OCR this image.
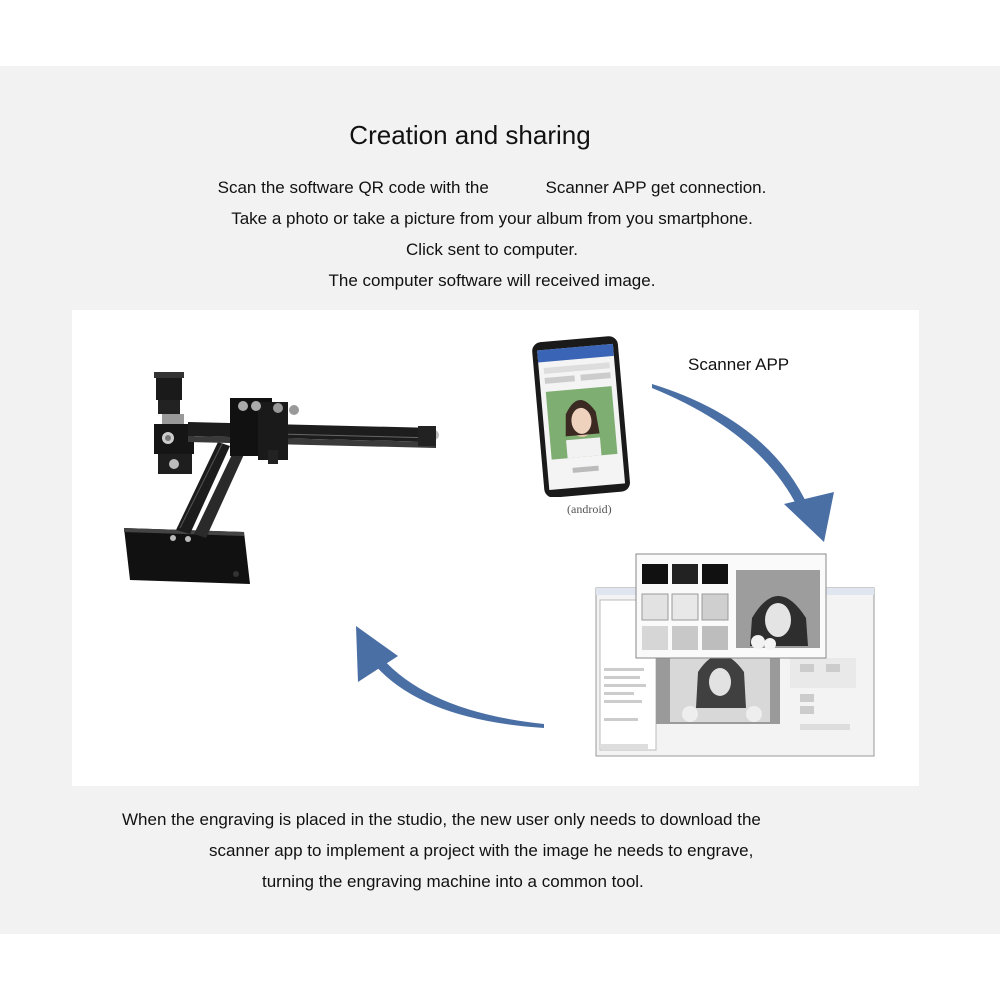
Creation and sharing
Scan the software QR code with the            Scanner APP get connection.
Take a photo or take a picture from your album from you smartphone.
Click sent to computer.
The computer software will received image.
Scanner APP
(android)
When the engraving is placed in the studio, the new user only needs to download the
scanner app to implement a project with the image he needs to engrave,
turning the engraving machine into a common tool.
